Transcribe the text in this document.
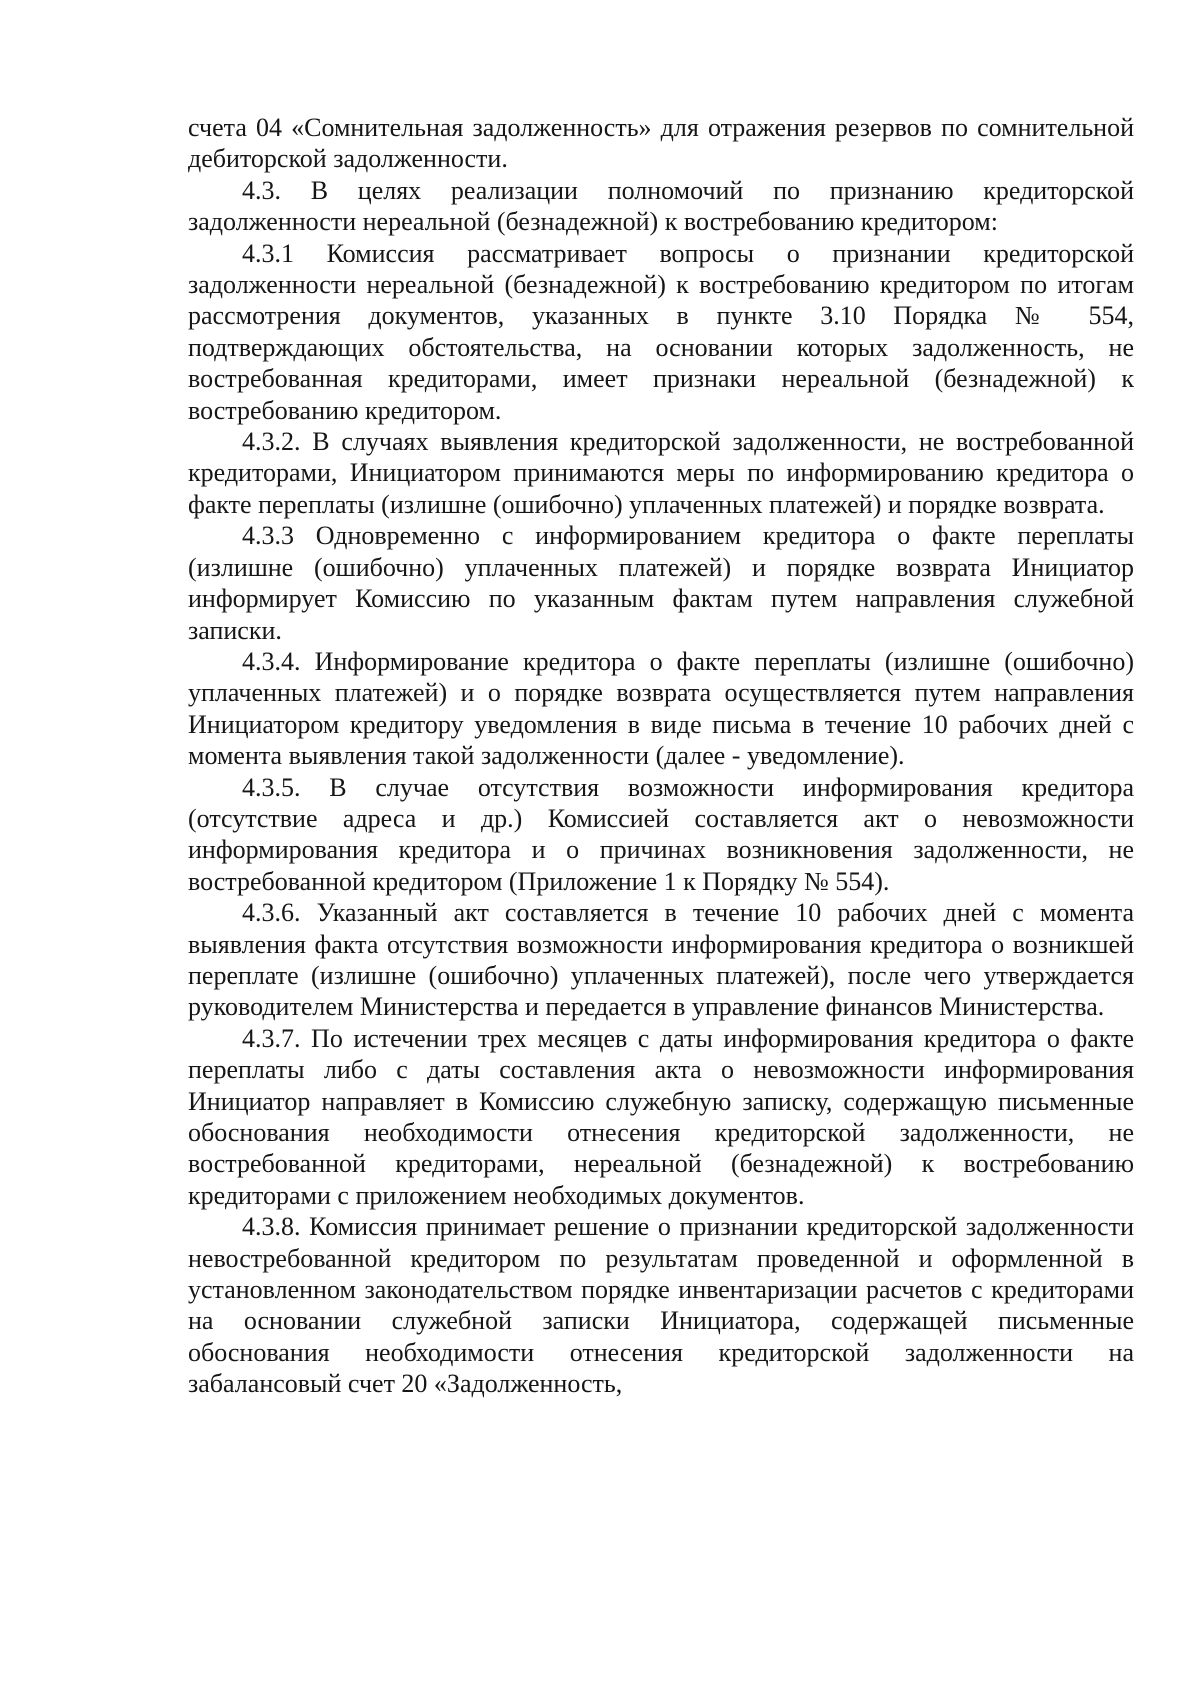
счета 04 «Сомнительная задолженность» для отражения резервов по сомнительной дебиторской задолженности.

4.3. В целях реализации полномочий по признанию кредиторской задолженности нереальной (безнадежной) к востребованию кредитором:

4.3.1 Комиссия рассматривает вопросы о признании кредиторской задолженности нереальной (безнадежной) к востребованию кредитором по итогам рассмотрения документов, указанных в пункте 3.10 Порядка № 554, подтверждающих обстоятельства, на основании которых задолженность, не востребованная кредиторами, имеет признаки нереальной (безнадежной) к востребованию кредитором.

4.3.2. В случаях выявления кредиторской задолженности, не востребованной кредиторами, Инициатором принимаются меры по информированию кредитора о факте переплаты (излишне (ошибочно) уплаченных платежей) и порядке возврата.

4.3.3 Одновременно с информированием кредитора о факте переплаты (излишне (ошибочно) уплаченных платежей) и порядке возврата Инициатор информирует Комиссию по указанным фактам путем направления служебной записки.

4.3.4. Информирование кредитора о факте переплаты (излишне (ошибочно) уплаченных платежей) и о порядке возврата осуществляется путем направления Инициатором кредитору уведомления в виде письма в течение 10 рабочих дней с момента выявления такой задолженности (далее - уведомление).

4.3.5. В случае отсутствия возможности информирования кредитора (отсутствие адреса и др.) Комиссией составляется акт о невозможности информирования кредитора и о причинах возникновения задолженности, не востребованной кредитором (Приложение 1 к Порядку № 554).

4.3.6. Указанный акт составляется в течение 10 рабочих дней с момента выявления факта отсутствия возможности информирования кредитора о возникшей переплате (излишне (ошибочно) уплаченных платежей), после чего утверждается руководителем Министерства и передается в управление финансов Министерства.

4.3.7. По истечении трех месяцев с даты информирования кредитора о факте переплаты либо с даты составления акта о невозможности информирования Инициатор направляет в Комиссию служебную записку, содержащую письменные обоснования необходимости отнесения кредиторской задолженности, не востребованной кредиторами, нереальной (безнадежной) к востребованию кредиторами с приложением необходимых документов.

4.3.8. Комиссия принимает решение о признании кредиторской задолженности невостребованной кредитором по результатам проведенной и оформленной в установленном законодательством порядке инвентаризации расчетов с кредиторами на основании служебной записки Инициатора, содержащей письменные обоснования необходимости отнесения кредиторской задолженности на забалансовый счет 20 «Задолженность,
